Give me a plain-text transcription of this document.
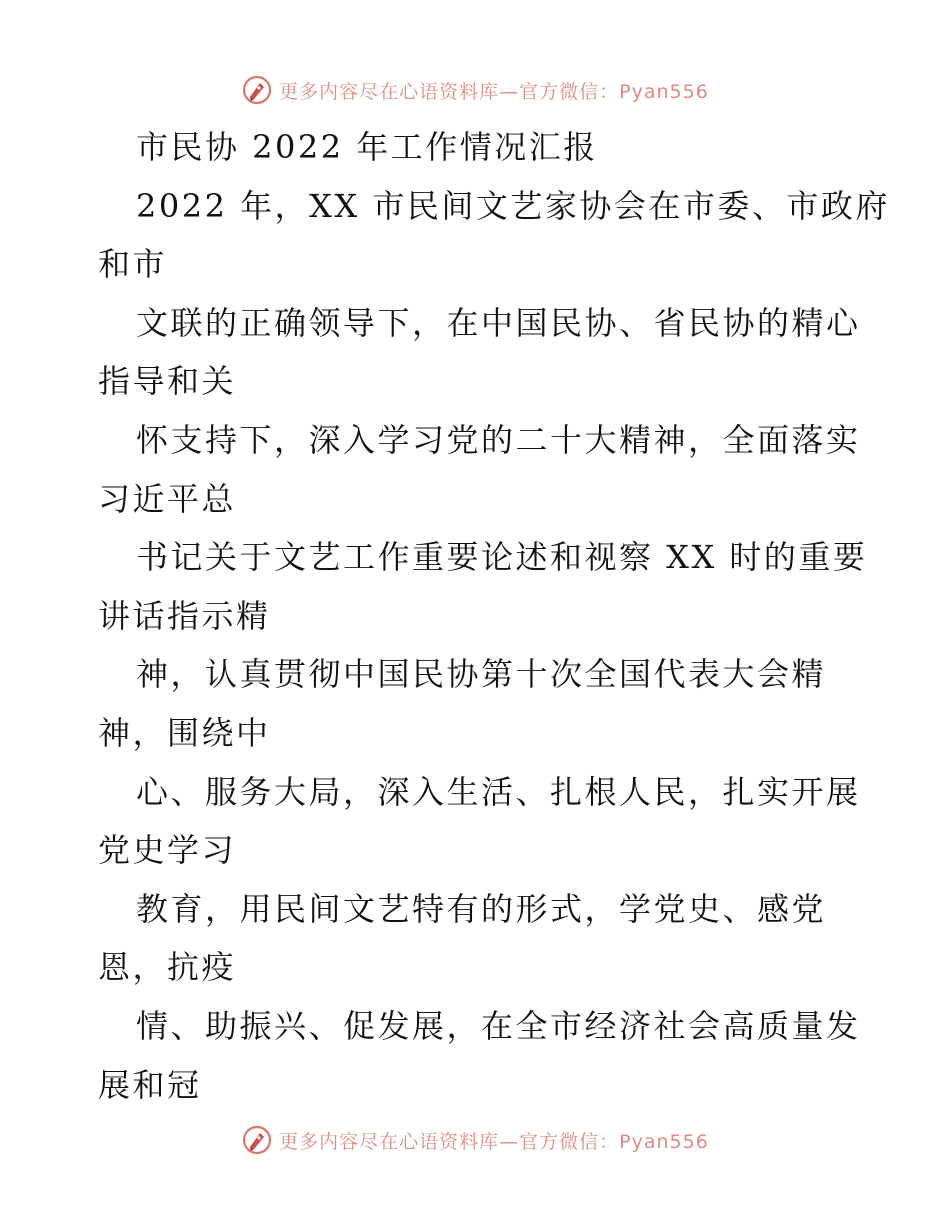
更多内容尽在心语资料库—官方微信：Pyan556
市民协 2022 年工作情况汇报
2022 年，XX 市民间文艺家协会在市委、市政府
和市
文联的正确领导下，在中国民协、省民协的精心
指导和关
怀支持下，深入学习党的二十大精神，全面落实
习近平总
书记关于文艺工作重要论述和视察 XX 时的重要
讲话指示精
神，认真贯彻中国民协第十次全国代表大会精
神，围绕中
心、服务大局，深入生活、扎根人民，扎实开展
党史学习
教育，用民间文艺特有的形式，学党史、感党
恩，抗疫
情、助振兴、促发展，在全市经济社会高质量发
展和冠
更多内容尽在心语资料库—官方微信：Pyan556
